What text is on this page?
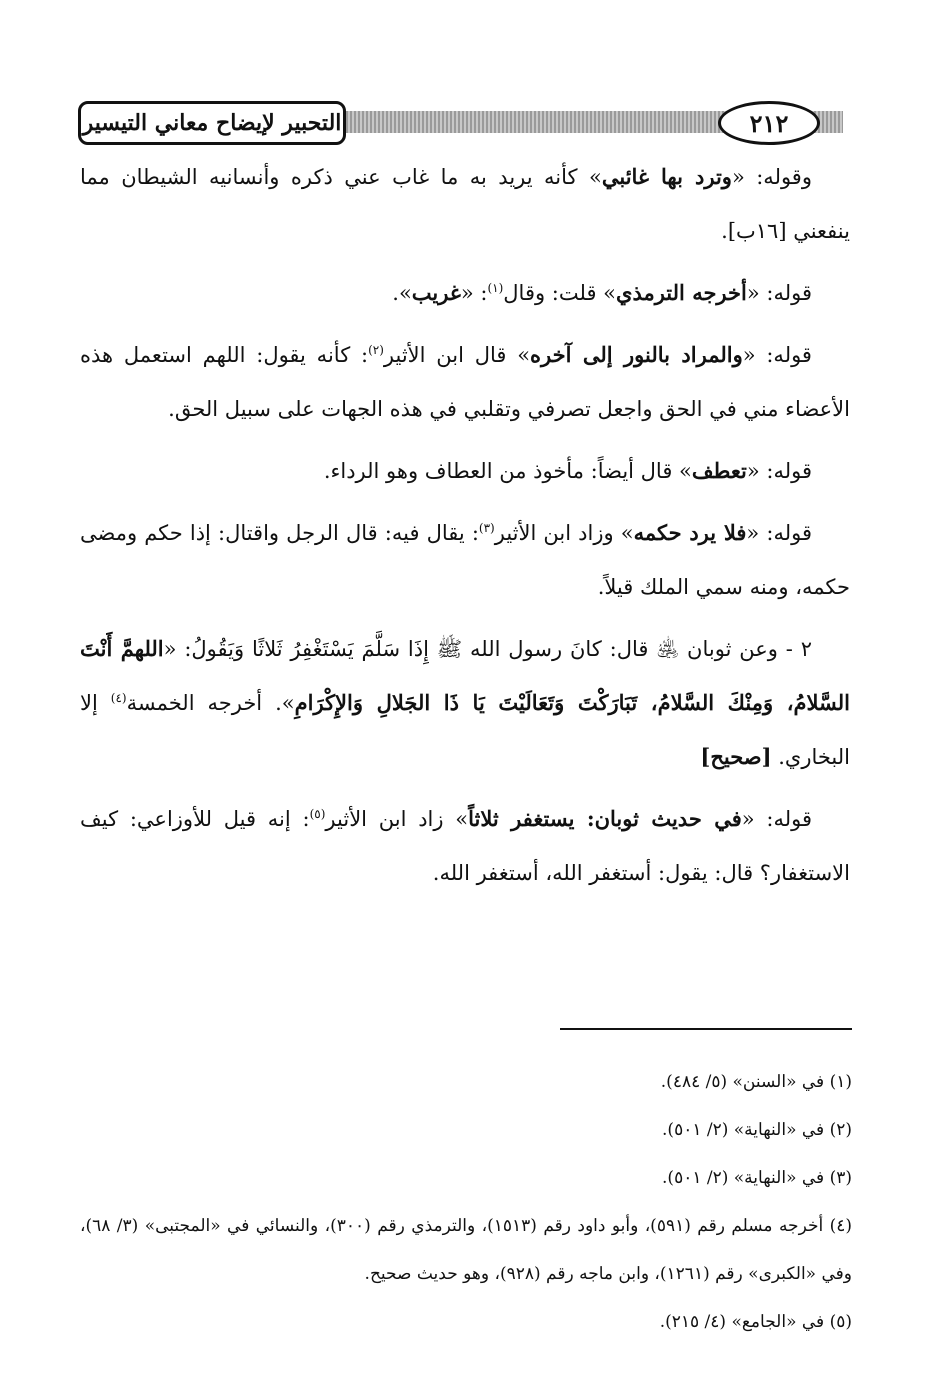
التحبير لإيضاح معاني التيسير	٢١٢

وقوله: «وترد بها غائبي» كأنه يريد به ما غاب عني ذكره وأنسانيه الشيطان مما ينفعني [١٦ب].

قوله: «أخرجه الترمذي» قلت: وقال$^{(١)}$: «غريب».

قوله: «والمراد بالنور إلى آخره» قال ابن الأثير$^{(٢)}$: كأنه يقول: اللهم استعمل هذه الأعضاء مني في الحق واجعل تصرفي وتقلبي في هذه الجهات على سبيل الحق.

قوله: «تعطف» قال أيضاً: مأخوذ من العطاف وهو الرداء.

قوله: «فلا يرد حكمه» وزاد ابن الأثير$^{(٣)}$: يقال فيه: قال الرجل واقتال: إذا حكم ومضى حكمه، ومنه سمي الملك قيلاً.

٢ - وعن ثوبان ﵁ قال: كانَ رسول الله ﷺ إِذَا سَلَّمَ يَسْتَغْفِرُ ثَلاثًا وَيَقُولُ: «اللهمَّ أَنْتَ السَّلامُ، وَمِنْكَ السَّلامُ، تَبَارَكْتَ وَتَعَالَيْتَ يَا ذَا الجَلالِ وَالإِكْرَامِ». أخرجه الخمسة$^{(٤)}$ إلا البخاري. [صحيح]

قوله: «في حديث ثوبان: يستغفر ثلاثاً» زاد ابن الأثير$^{(٥)}$: إنه قيل للأوزاعي: كيف الاستغفار؟ قال: يقول: أستغفر الله، أستغفر الله.

(١) في «السنن» (٥/ ٤٨٤).
(٢) في «النهاية» (٢/ ٥٠١).
(٣) في «النهاية» (٢/ ٥٠١).
(٤) أخرجه مسلم رقم (٥٩١)، وأبو داود رقم (١٥١٣)، والترمذي رقم (٣٠٠)، والنسائي في «المجتبى» (٣/ ٦٨)، وفي «الكبرى» رقم (١٢٦١)، وابن ماجه رقم (٩٢٨)، وهو حديث صحيح.
(٥) في «الجامع» (٤/ ٢١٥).
